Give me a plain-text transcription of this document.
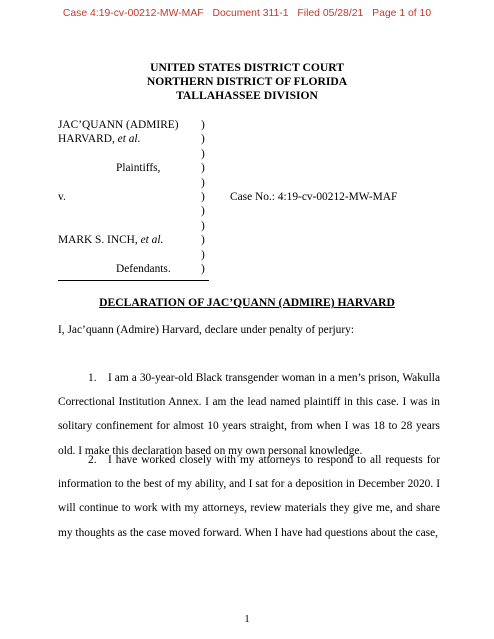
Case 4:19-cv-00212-MW-MAF Document 311-1 Filed 05/28/21 Page 1 of 10
UNITED STATES DISTRICT COURT
NORTHERN DISTRICT OF FLORIDA
TALLAHASSEE DIVISION
JAC’QUANN (ADMIRE) )
HARVARD, et al.	)
)
Plaintiffs,	)
)
v.	) Case No.: 4:19-cv-00212-MW-MAF
)
)
MARK S. INCH, et al.	)
)
Defendants.	)
DECLARATION OF JAC’QUANN (ADMIRE) HARVARD

I, Jac’quann (Admire) Harvard, declare under penalty of perjury:

1. I am a 30-year-old Black transgender woman in a men’s prison, Wakulla Correctional Institution Annex. I am the lead named plaintiff in this case. I was in solitary confinement for almost 10 years straight, from when I was 18 to 28 years old. I make this declaration based on my own personal knowledge.

2. I have worked closely with my attorneys to respond to all requests for information to the best of my ability, and I sat for a deposition in December 2020. I will continue to work with my attorneys, review materials they give me, and share my thoughts as the case moved forward. When I have had questions about the case,

1
